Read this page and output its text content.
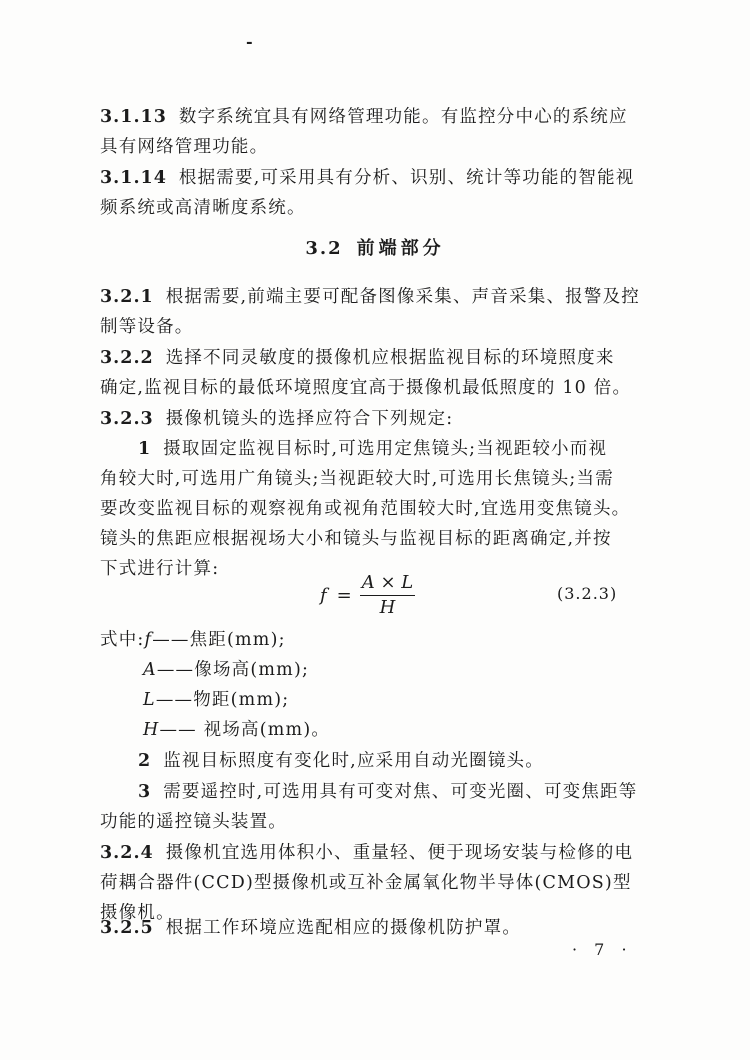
-
3.1.13 数字系统宜具有网络管理功能。有监控分中心的系统应
具有网络管理功能。
3.1.14 根据需要,可采用具有分析、识别、统计等功能的智能视
频系统或高清晰度系统。
3.2 前端部分
3.2.1 根据需要,前端主要可配备图像采集、声音采集、报警及控
制等设备。
3.2.2 选择不同灵敏度的摄像机应根据监视目标的环境照度来
确定,监视目标的最低环境照度宜高于摄像机最低照度的 10 倍。
3.2.3 摄像机镜头的选择应符合下列规定:
1 摄取固定监视目标时,可选用定焦镜头;当视距较小而视
角较大时,可选用广角镜头;当视距较大时,可选用长焦镜头;当需
要改变监视目标的观察视角或视角范围较大时,宜选用变焦镜头。
镜头的焦距应根据视场大小和镜头与监视目标的距离确定,并按
下式进行计算:
$f = \frac{A \times L}{H}$	(3.2.3)
式中:f——焦距(mm);
A——像场高(mm);
L——物距(mm);
H—— 视场高(mm)。
2 监视目标照度有变化时,应采用自动光圈镜头。
3 需要遥控时,可选用具有可变对焦、可变光圈、可变焦距等
功能的遥控镜头装置。
3.2.4 摄像机宜选用体积小、重量轻、便于现场安装与检修的电
荷耦合器件(CCD)型摄像机或互补金属氧化物半导体(CMOS)型
摄像机。
3.2.5 根据工作环境应选配相应的摄像机防护罩。
· 7 ·
